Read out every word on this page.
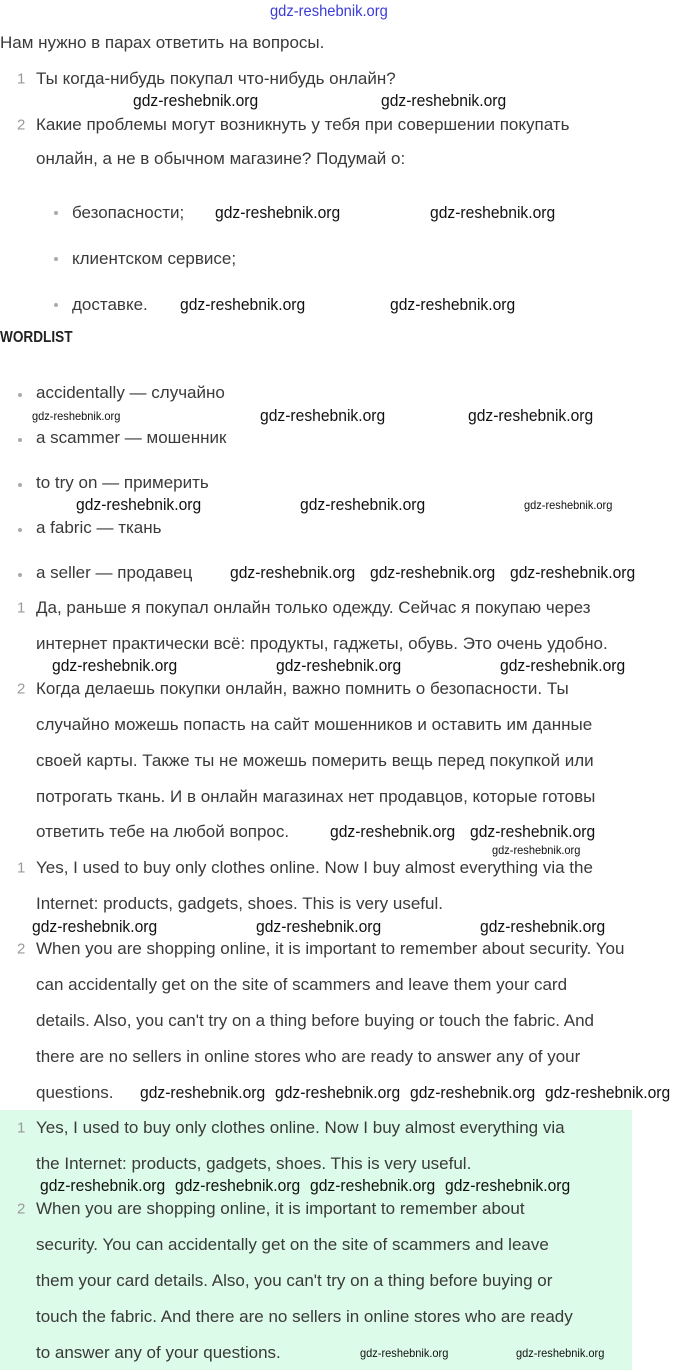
Нам нужно в парах ответить на вопросы.
WORDLIST
1 Ты когда-нибудь покупал что-нибудь онлайн?
2 Какие проблемы могут возникнуть у тебя при совершении покупать
онлайн, а не в обычном магазине? Подумай о:
безопасности;
клиентском сервисе;
доставке.
accidentally — случайно
a scammer — мошенник
to try on — примерить
a fabric — ткань
a seller — продавец
1 Да, раньше я покупал онлайн только одежду. Сейчас я покупаю через
интернет практически всё: продукты, гаджеты, обувь. Это очень удобно.
2 Когда делаешь покупки онлайн, важно помнить о безопасности. Ты
случайно можешь попасть на сайт мошенников и оставить им данные
своей карты. Также ты не можешь померить вещь перед покупкой или
потрогать ткань. И в онлайн магазинах нет продавцов, которые готовы
ответить тебе на любой вопрос.
1 Yes, I used to buy only clothes online. Now I buy almost everything via the
Internet: products, gadgets, shoes. This is very useful.
2 When you are shopping online, it is important to remember about security. You
can accidentally get on the site of scammers and leave them your card
details. Also, you can't try on a thing before buying or touch the fabric. And
there are no sellers in online stores who are ready to answer any of your
questions.
1 Yes, I used to buy only clothes online. Now I buy almost everything via
the Internet: products, gadgets, shoes. This is very useful.
2 When you are shopping online, it is important to remember about
security. You can accidentally get on the site of scammers and leave
them your card details. Also, you can't try on a thing before buying or
touch the fabric. And there are no sellers in online stores who are ready
to answer any of your questions.
gdz-reshebnik.org
gdz-reshebnik.org	gdz-reshebnik.org
gdz-reshebnik.org	gdz-reshebnik.org
gdz-reshebnik.org	gdz-reshebnik.org
gdz-reshebnik.org	gdz-reshebnik.org	gdz-reshebnik.org
gdz-reshebnik.org	gdz-reshebnik.org	gdz-reshebnik.org
gdz-reshebnik.org gdz-reshebnik.org gdz-reshebnik.org
gdz-reshebnik.org	gdz-reshebnik.org	gdz-reshebnik.org
gdz-reshebnik.org gdz-reshebnik.org
gdz-reshebnik.org
gdz-reshebnik.org	gdz-reshebnik.org	gdz-reshebnik.org
gdz-reshebnik.org gdz-reshebnik.org gdz-reshebnik.org gdz-reshebnik.org
gdz-reshebnik.org gdz-reshebnik.org gdz-reshebnik.org gdz-reshebnik.org
gdz-reshebnik.org	gdz-reshebnik.org
